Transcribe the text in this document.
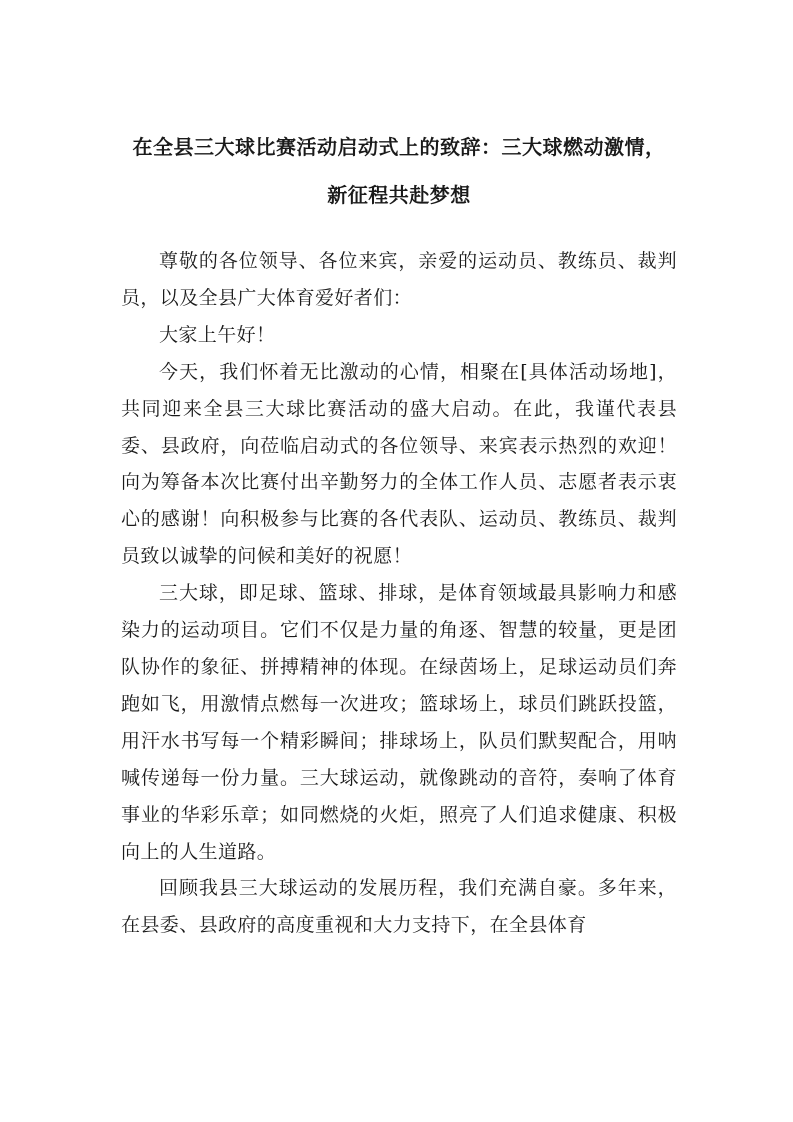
在全县三大球比赛活动启动式上的致辞：三大球燃动激情，
新征程共赴梦想

尊敬的各位领导、各位来宾，亲爱的运动员、教练员、裁判员，以及全县广大体育爱好者们：

大家上午好！

今天，我们怀着无比激动的心情，相聚在[具体活动场地]，共同迎来全县三大球比赛活动的盛大启动。在此，我谨代表县委、县政府，向莅临启动式的各位领导、来宾表示热烈的欢迎！向为筹备本次比赛付出辛勤努力的全体工作人员、志愿者表示衷心的感谢！向积极参与比赛的各代表队、运动员、教练员、裁判员致以诚挚的问候和美好的祝愿！

三大球，即足球、篮球、排球，是体育领域最具影响力和感染力的运动项目。它们不仅是力量的角逐、智慧的较量，更是团队协作的象征、拼搏精神的体现。在绿茵场上，足球运动员们奔跑如飞，用激情点燃每一次进攻；篮球场上，球员们跳跃投篮，用汗水书写每一个精彩瞬间；排球场上，队员们默契配合，用呐喊传递每一份力量。三大球运动，就像跳动的音符，奏响了体育事业的华彩乐章；如同燃烧的火炬，照亮了人们追求健康、积极向上的人生道路。

回顾我县三大球运动的发展历程，我们充满自豪。多年来，在县委、县政府的高度重视和大力支持下，在全县体育
